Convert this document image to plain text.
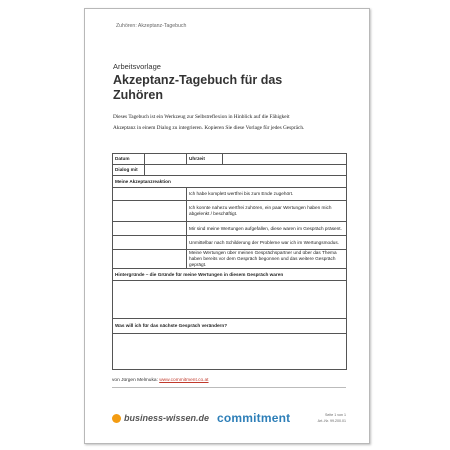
Zuhören: Akzeptanz-Tagebuch
Arbeitsvorlage
Akzeptanz-Tagebuch für das Zuhören
Dieses Tagebuch ist ein Werkzeug zur Selbstreflexion in Hinblick auf die Fähigkeit Akzeptanz in einem Dialog zu integrieren. Kopieren Sie diese Vorlage für jedes Gespräch.
Datum		Uhrzeit	
Dialog mit			
Meine Akzeptanzreaktion			
		Ich habe komplett wertfrei bis zum Ende zugehört.	
		Ich konnte nahezu wertfrei zuhören, ein paar Wertungen haben mich abgelenkt / beschäftigt.	
		Mir sind meine Wertungen aufgefallen, diese waren im Gespräch präsent.	
		Unmittelbar nach Schilderung der Probleme war ich im Wertungsmodus.	
		Meine Wertungen über meinen Gesprächspartner und über das Thema haben bereits vor dem Gespräch begonnen und das weitere Gespräch geprägt.	
Hintergründe – die Gründe für meine Wertungen in diesem Gespräch waren			

Was will ich für das nächste Gespräch verändern?			

von Jürgen Melmuka: www.commitment.co.at
business-wissen.de commitment	Seite 1 von 1
Art.-Nr. 99.200.01
